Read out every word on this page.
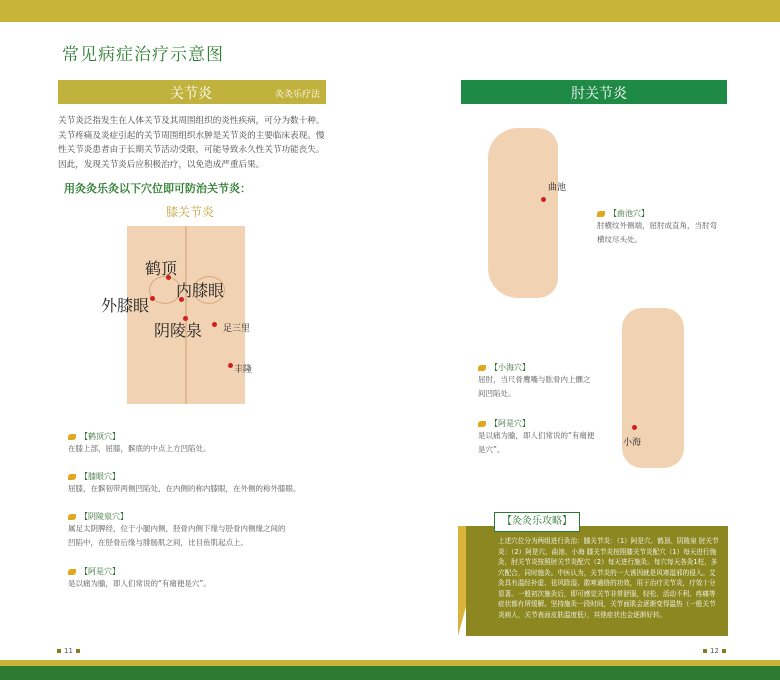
常见病症治疗示意图
关节炎	灸灸乐疗法
关节炎泛指发生在人体关节及其周围组织的炎性疾病，可分为数十种。关节疼痛及炎症引起的关节周围组织水肿是关节炎的主要临床表现。慢性关节炎患者由于长期关节活动受限，可能导致永久性关节功能丧失。因此，发现关节炎后应积极治疗，以免造成严重后果。
用灸灸乐灸以下穴位即可防治关节炎：
膝关节炎
鹤顶
内膝眼
外膝眼
阴陵泉 足三里
丰隆
【鹤顶穴】
在膝上部，屈膝，髌底的中点上方凹陷处。
【膝眼穴】
屈膝，在髌韧带两侧凹陷处，在内侧的称内膝眼，在外侧的称外膝眼。
【阴陵泉穴】
属足太阴脾经，位于小腿内侧，胫骨内侧下缘与胫骨内侧缘之间的凹陷中，在胫骨后缘与腓肠肌之间，比目鱼肌起点上。
【阿是穴】
是以痛为腧，即人们常说的“有痛便是穴”。
11
肘关节炎
曲池
【曲池穴】
肘横纹外侧端，屈肘成直角，当肘弯横纹尽头处。
小海
【小海穴】
屈肘，当尺骨鹰嘴与肱骨内上髁之间凹陷处。
【阿是穴】
是以痛为腧，即人们常说的“有痛便是穴”。
【灸灸乐攻略】
上述穴位分为两组进行灸治：膝关节炎：（1）阿是穴、鹤顶、阴陵泉 肘关节炎：（2）阿是穴、曲池、小海 膝关节炎按照膝关节炎配穴（1）每天进行施灸，肘关节炎按照肘关节炎配穴（2）每天进行施灸。每穴每天各灸1柱，多穴配合，同时施灸。中医认为，关节炎的一大诱因就是风寒湿邪的侵入。艾灸具有温经补虚、祛风除湿、散寒通络的功效，用于治疗关节炎，疗效十分显著。一般初次施灸后，即可感觉关节非常舒服，轻松、活动不利、疼痛等症状都有所缓解。坚持施灸一段时间，关节面肌会逐渐变得温热（一般关节炎病人，关节表面皮肤温度低），其他症状也会逐渐好转。
12
